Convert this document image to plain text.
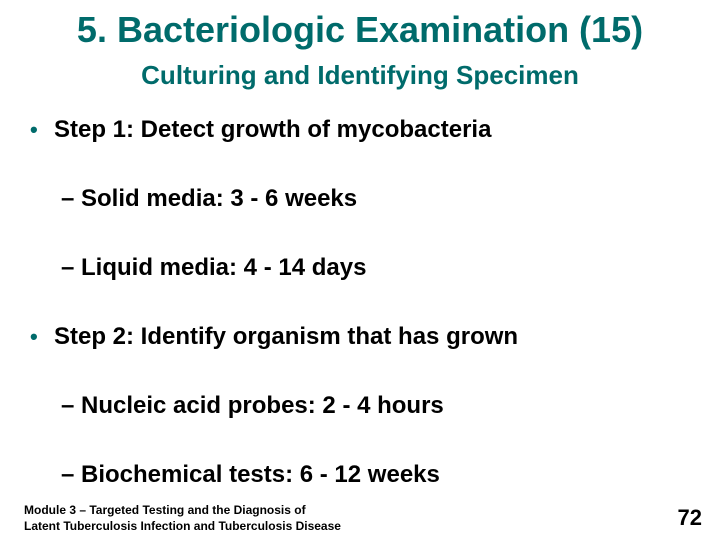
5. Bacteriologic Examination (15)
Culturing and Identifying Specimen
• Step 1: Detect growth of mycobacteria
– Solid media: 3 - 6 weeks
– Liquid media: 4 - 14 days
• Step 2: Identify organism that has grown
– Nucleic acid probes: 2 - 4 hours
– Biochemical tests: 6 - 12 weeks
Module 3 – Targeted Testing and the Diagnosis of
Latent Tuberculosis Infection and Tuberculosis Disease	72
